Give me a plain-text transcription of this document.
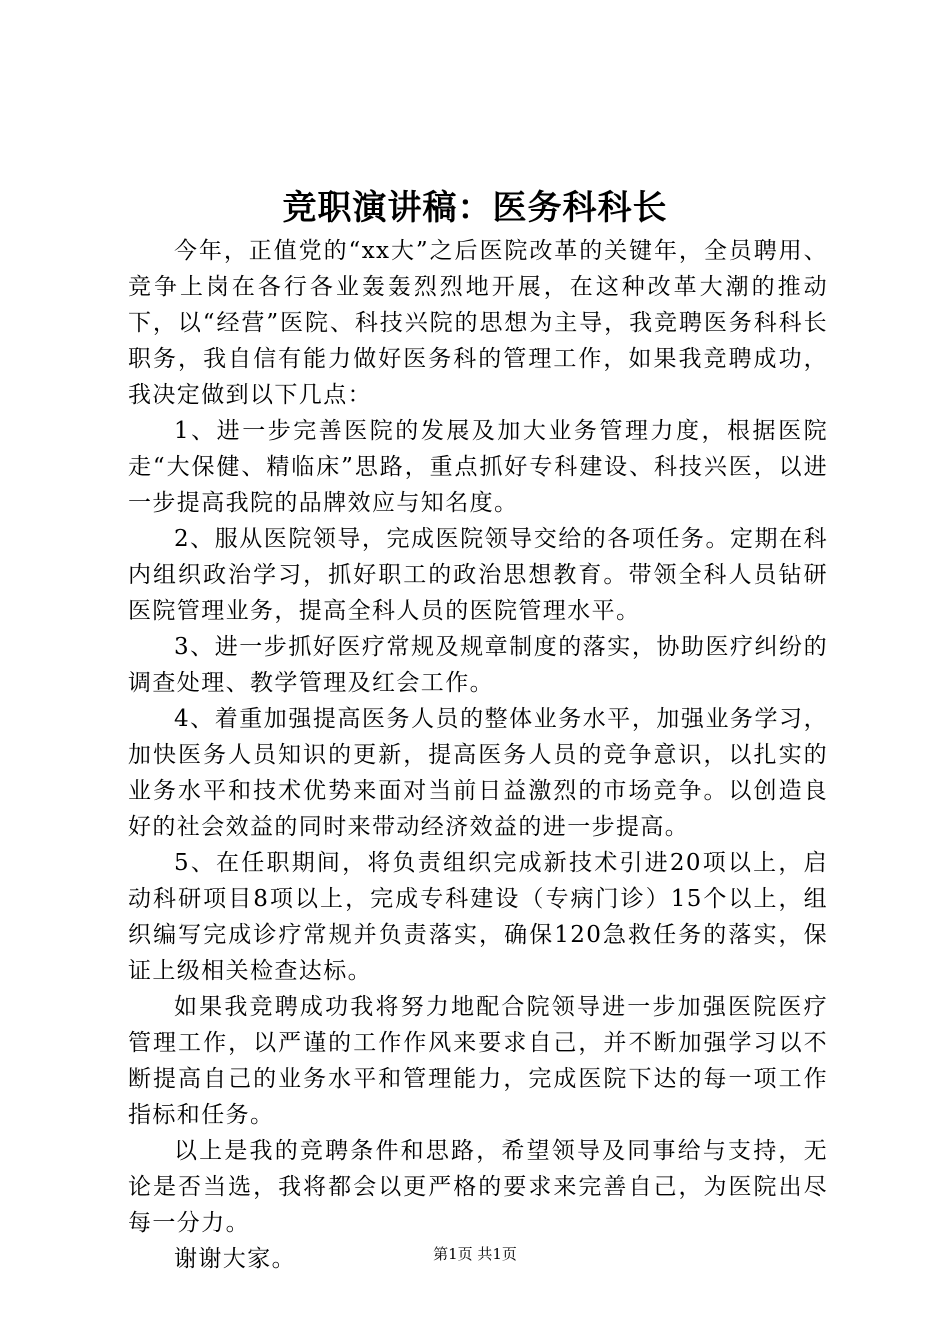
竞职演讲稿：医务科科长

今年，正值党的“xx大”之后医院改革的关键年，全员聘用、竞争上岗在各行各业轰轰烈烈地开展，在这种改革大潮的推动下，以“经营”医院、科技兴院的思想为主导，我竞聘医务科科长职务，我自信有能力做好医务科的管理工作，如果我竞聘成功，我决定做到以下几点：

1、进一步完善医院的发展及加大业务管理力度，根据医院走“大保健、精临床”思路，重点抓好专科建设、科技兴医，以进一步提高我院的品牌效应与知名度。

2、服从医院领导，完成医院领导交给的各项任务。定期在科内组织政治学习，抓好职工的政治思想教育。带领全科人员钻研医院管理业务，提高全科人员的医院管理水平。

3、进一步抓好医疗常规及规章制度的落实，协助医疗纠纷的调查处理、教学管理及红会工作。

4、着重加强提高医务人员的整体业务水平，加强业务学习，加快医务人员知识的更新，提高医务人员的竞争意识，以扎实的业务水平和技术优势来面对当前日益激烈的市场竞争。以创造良好的社会效益的同时来带动经济效益的进一步提高。

5、在任职期间，将负责组织完成新技术引进20项以上，启动科研项目8项以上，完成专科建设（专病门诊）15个以上，组织编写完成诊疗常规并负责落实，确保120急救任务的落实，保证上级相关检查达标。

如果我竞聘成功我将努力地配合院领导进一步加强医院医疗管理工作，以严谨的工作作风来要求自己，并不断加强学习以不断提高自己的业务水平和管理能力，完成医院下达的每一项工作指标和任务。

以上是我的竞聘条件和思路，希望领导及同事给与支持，无论是否当选，我将都会以更严格的要求来完善自己，为医院出尽每一分力。

谢谢大家。	第1页 共1页
